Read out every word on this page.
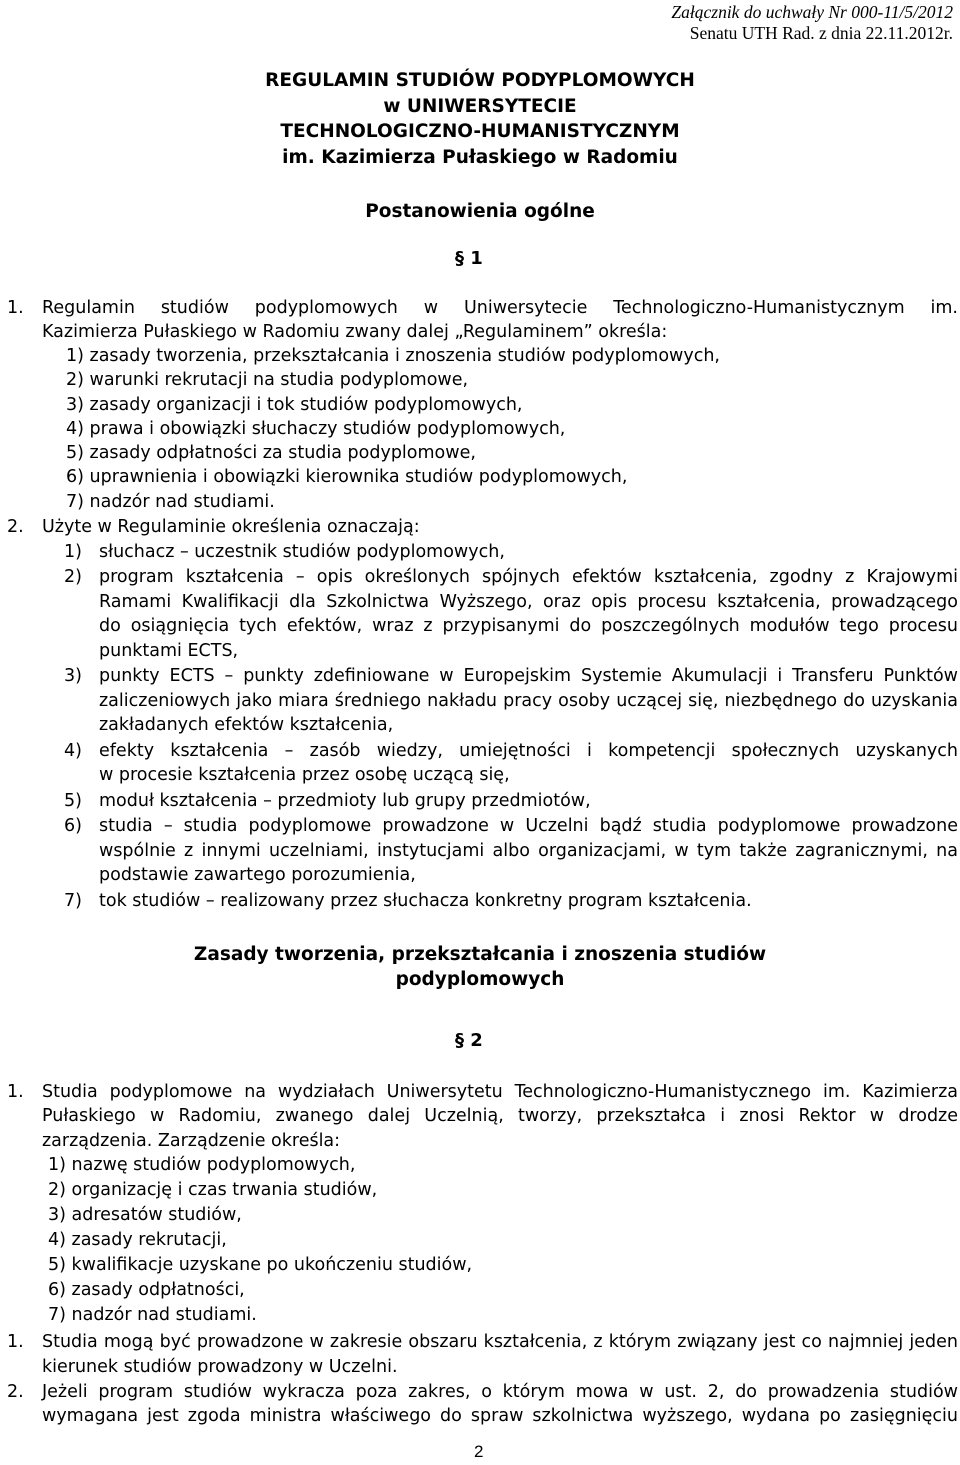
Załącznik do uchwały Nr 000-11/5/2012
Senatu UTH Rad. z dnia 22.11.2012r.
REGULAMIN STUDIÓW PODYPLOMOWYCH
w UNIWERSYTECIE
TECHNOLOGICZNO-HUMANISTYCZNYM
im. Kazimierza Pułaskiego w Radomiu
Postanowienia ogólne
§ 1
1. Regulamin studiów podyplomowych w Uniwersytecie Technologiczno-Humanistycznym im.
Kazimierza Pułaskiego w Radomiu zwany dalej „Regulaminem” określa:
1) zasady tworzenia, przekształcania i znoszenia studiów podyplomowych,
2) warunki rekrutacji na studia podyplomowe,
3) zasady organizacji i tok studiów podyplomowych,
4) prawa i obowiązki słuchaczy studiów podyplomowych,
5) zasady odpłatności za studia podyplomowe,
6) uprawnienia i obowiązki kierownika studiów podyplomowych,
7) nadzór nad studiami.
2. Użyte w Regulaminie określenia oznaczają:
1) słuchacz – uczestnik studiów podyplomowych,
2) program kształcenia – opis określonych spójnych efektów kształcenia, zgodny z Krajowymi
Ramami Kwalifikacji dla Szkolnictwa Wyższego, oraz opis procesu kształcenia, prowadzącego
do osiągnięcia tych efektów, wraz z przypisanymi do poszczególnych modułów tego procesu
punktami ECTS,
3) punkty ECTS – punkty zdefiniowane w Europejskim Systemie Akumulacji i Transferu Punktów
zaliczeniowych jako miara średniego nakładu pracy osoby uczącej się, niezbędnego do uzyskania
zakładanych efektów kształcenia,
4) efekty kształcenia – zasób wiedzy, umiejętności i kompetencji społecznych uzyskanych
w procesie kształcenia przez osobę uczącą się,
5) moduł kształcenia – przedmioty lub grupy przedmiotów,
6) studia – studia podyplomowe prowadzone w Uczelni bądź studia podyplomowe prowadzone
wspólnie z innymi uczelniami, instytucjami albo organizacjami, w tym także zagranicznymi, na
podstawie zawartego porozumienia,
7) tok studiów – realizowany przez słuchacza konkretny program kształcenia.
Zasady tworzenia, przekształcania i znoszenia studiów
podyplomowych
§ 2
1. Studia podyplomowe na wydziałach Uniwersytetu Technologiczno-Humanistycznego im. Kazimierza
Pułaskiego w Radomiu, zwanego dalej Uczelnią, tworzy, przekształca i znosi Rektor w drodze
zarządzenia. Zarządzenie określa:
1) nazwę studiów podyplomowych,
2) organizację i czas trwania studiów,
3) adresatów studiów,
4) zasady rekrutacji,
5) kwalifikacje uzyskane po ukończeniu studiów,
6) zasady odpłatności,
7) nadzór nad studiami.
1. Studia mogą być prowadzone w zakresie obszaru kształcenia, z którym związany jest co najmniej jeden
kierunek studiów prowadzony w Uczelni.
2. Jeżeli program studiów wykracza poza zakres, o którym mowa w ust. 2, do prowadzenia studiów
wymagana jest zgoda ministra właściwego do spraw szkolnictwa wyższego, wydana po zasięgnięciu
2
